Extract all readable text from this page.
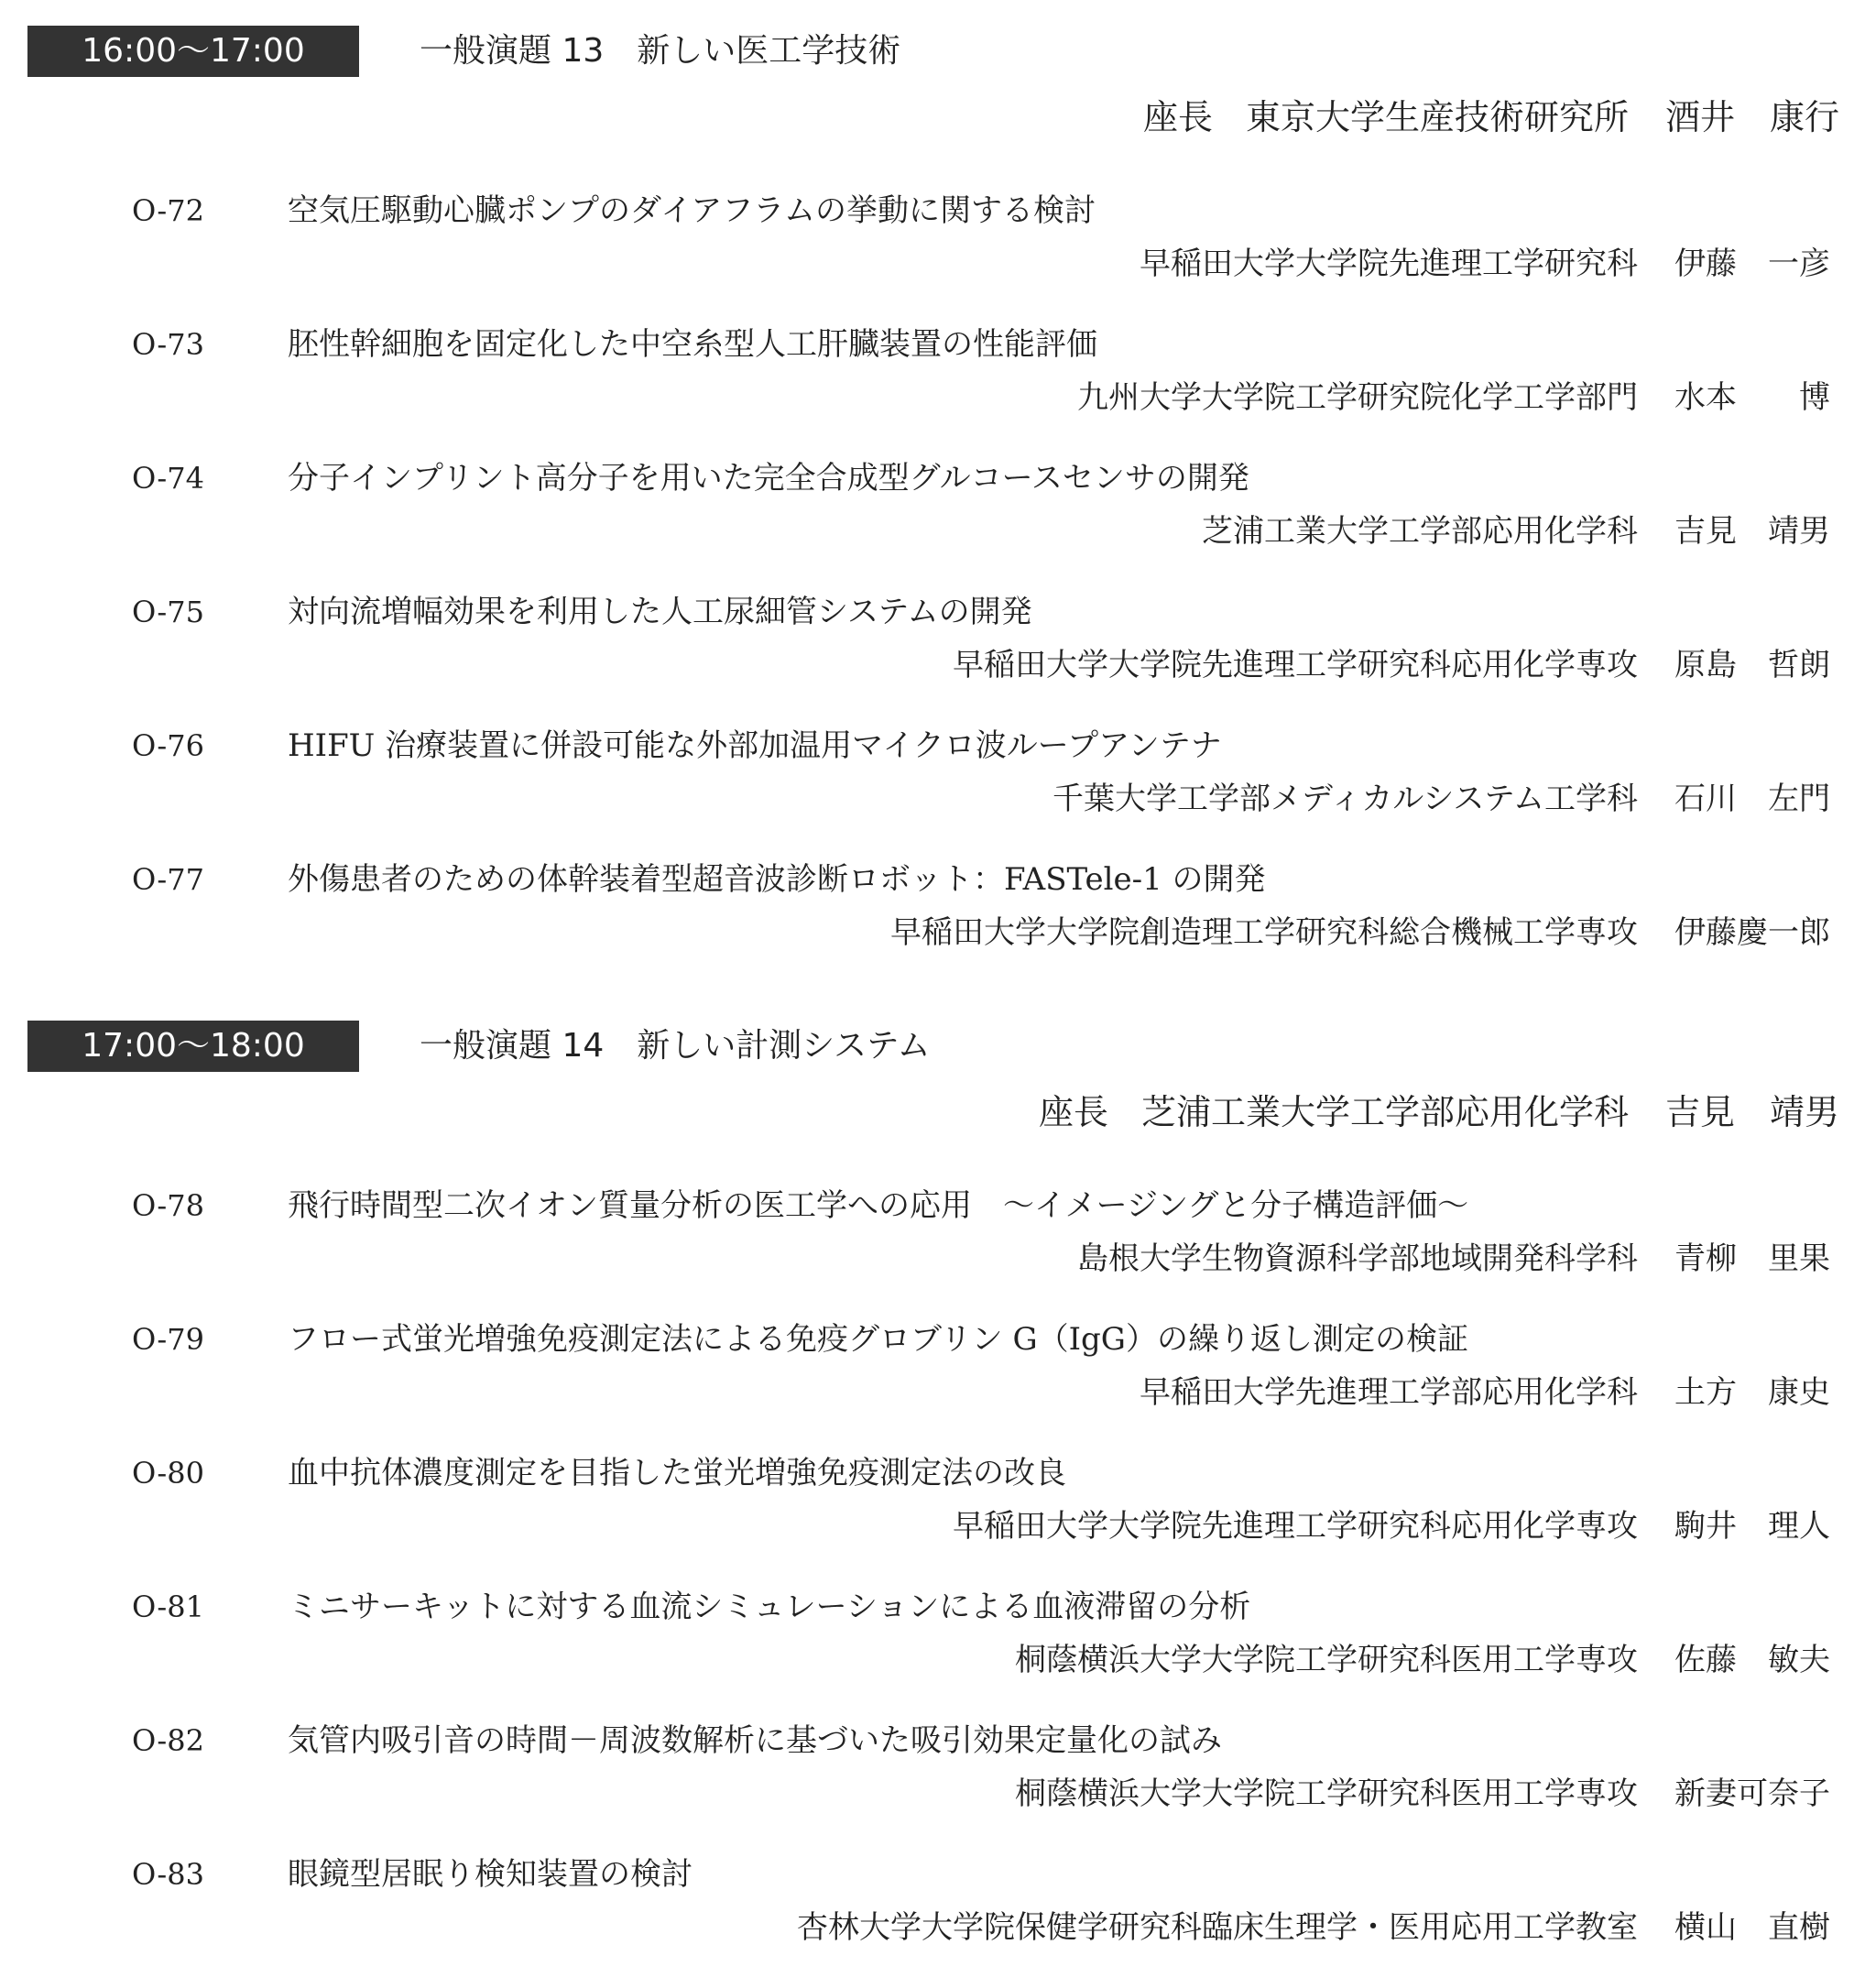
16:00～17:00	一般演題 13　新しい医工学技術
座長 東京大学生産技術研究所 酒井　康行
O-72	空気圧駆動心臓ポンプのダイアフラムの挙動に関する検討
早稲田大学大学院先進理工学研究科 伊藤　一彦
O-73	胚性幹細胞を固定化した中空糸型人工肝臓装置の性能評価
九州大学大学院工学研究院化学工学部門 水本　　博
O-74	分子インプリント高分子を用いた完全合成型グルコースセンサの開発
芝浦工業大学工学部応用化学科 吉見　靖男
O-75	対向流増幅効果を利用した人工尿細管システムの開発
早稲田大学大学院先進理工学研究科応用化学専攻 原島　哲朗
O-76	HIFU 治療装置に併設可能な外部加温用マイクロ波ループアンテナ
千葉大学工学部メディカルシステム工学科 石川　左門
O-77	外傷患者のための体幹装着型超音波診断ロボット：FASTele-1 の開発
早稲田大学大学院創造理工学研究科総合機械工学専攻 伊藤慶一郎
17:00～18:00	一般演題 14　新しい計測システム
座長 芝浦工業大学工学部応用化学科 吉見　靖男
O-78	飛行時間型二次イオン質量分析の医工学への応用　～イメージングと分子構造評価～
島根大学生物資源科学部地域開発科学科 青柳　里果
O-79	フロー式蛍光増強免疫測定法による免疫グロブリン G（IgG）の繰り返し測定の検証
早稲田大学先進理工学部応用化学科 土方　康史
O-80	血中抗体濃度測定を目指した蛍光増強免疫測定法の改良
早稲田大学大学院先進理工学研究科応用化学専攻 駒井　理人
O-81	ミニサーキットに対する血流シミュレーションによる血液滞留の分析
桐蔭横浜大学大学院工学研究科医用工学専攻 佐藤　敏夫
O-82	気管内吸引音の時間－周波数解析に基づいた吸引効果定量化の試み
桐蔭横浜大学大学院工学研究科医用工学専攻 新妻可奈子
O-83	眼鏡型居眠り検知装置の検討
杏林大学大学院保健学研究科臨床生理学・医用応用工学教室 横山　直樹
